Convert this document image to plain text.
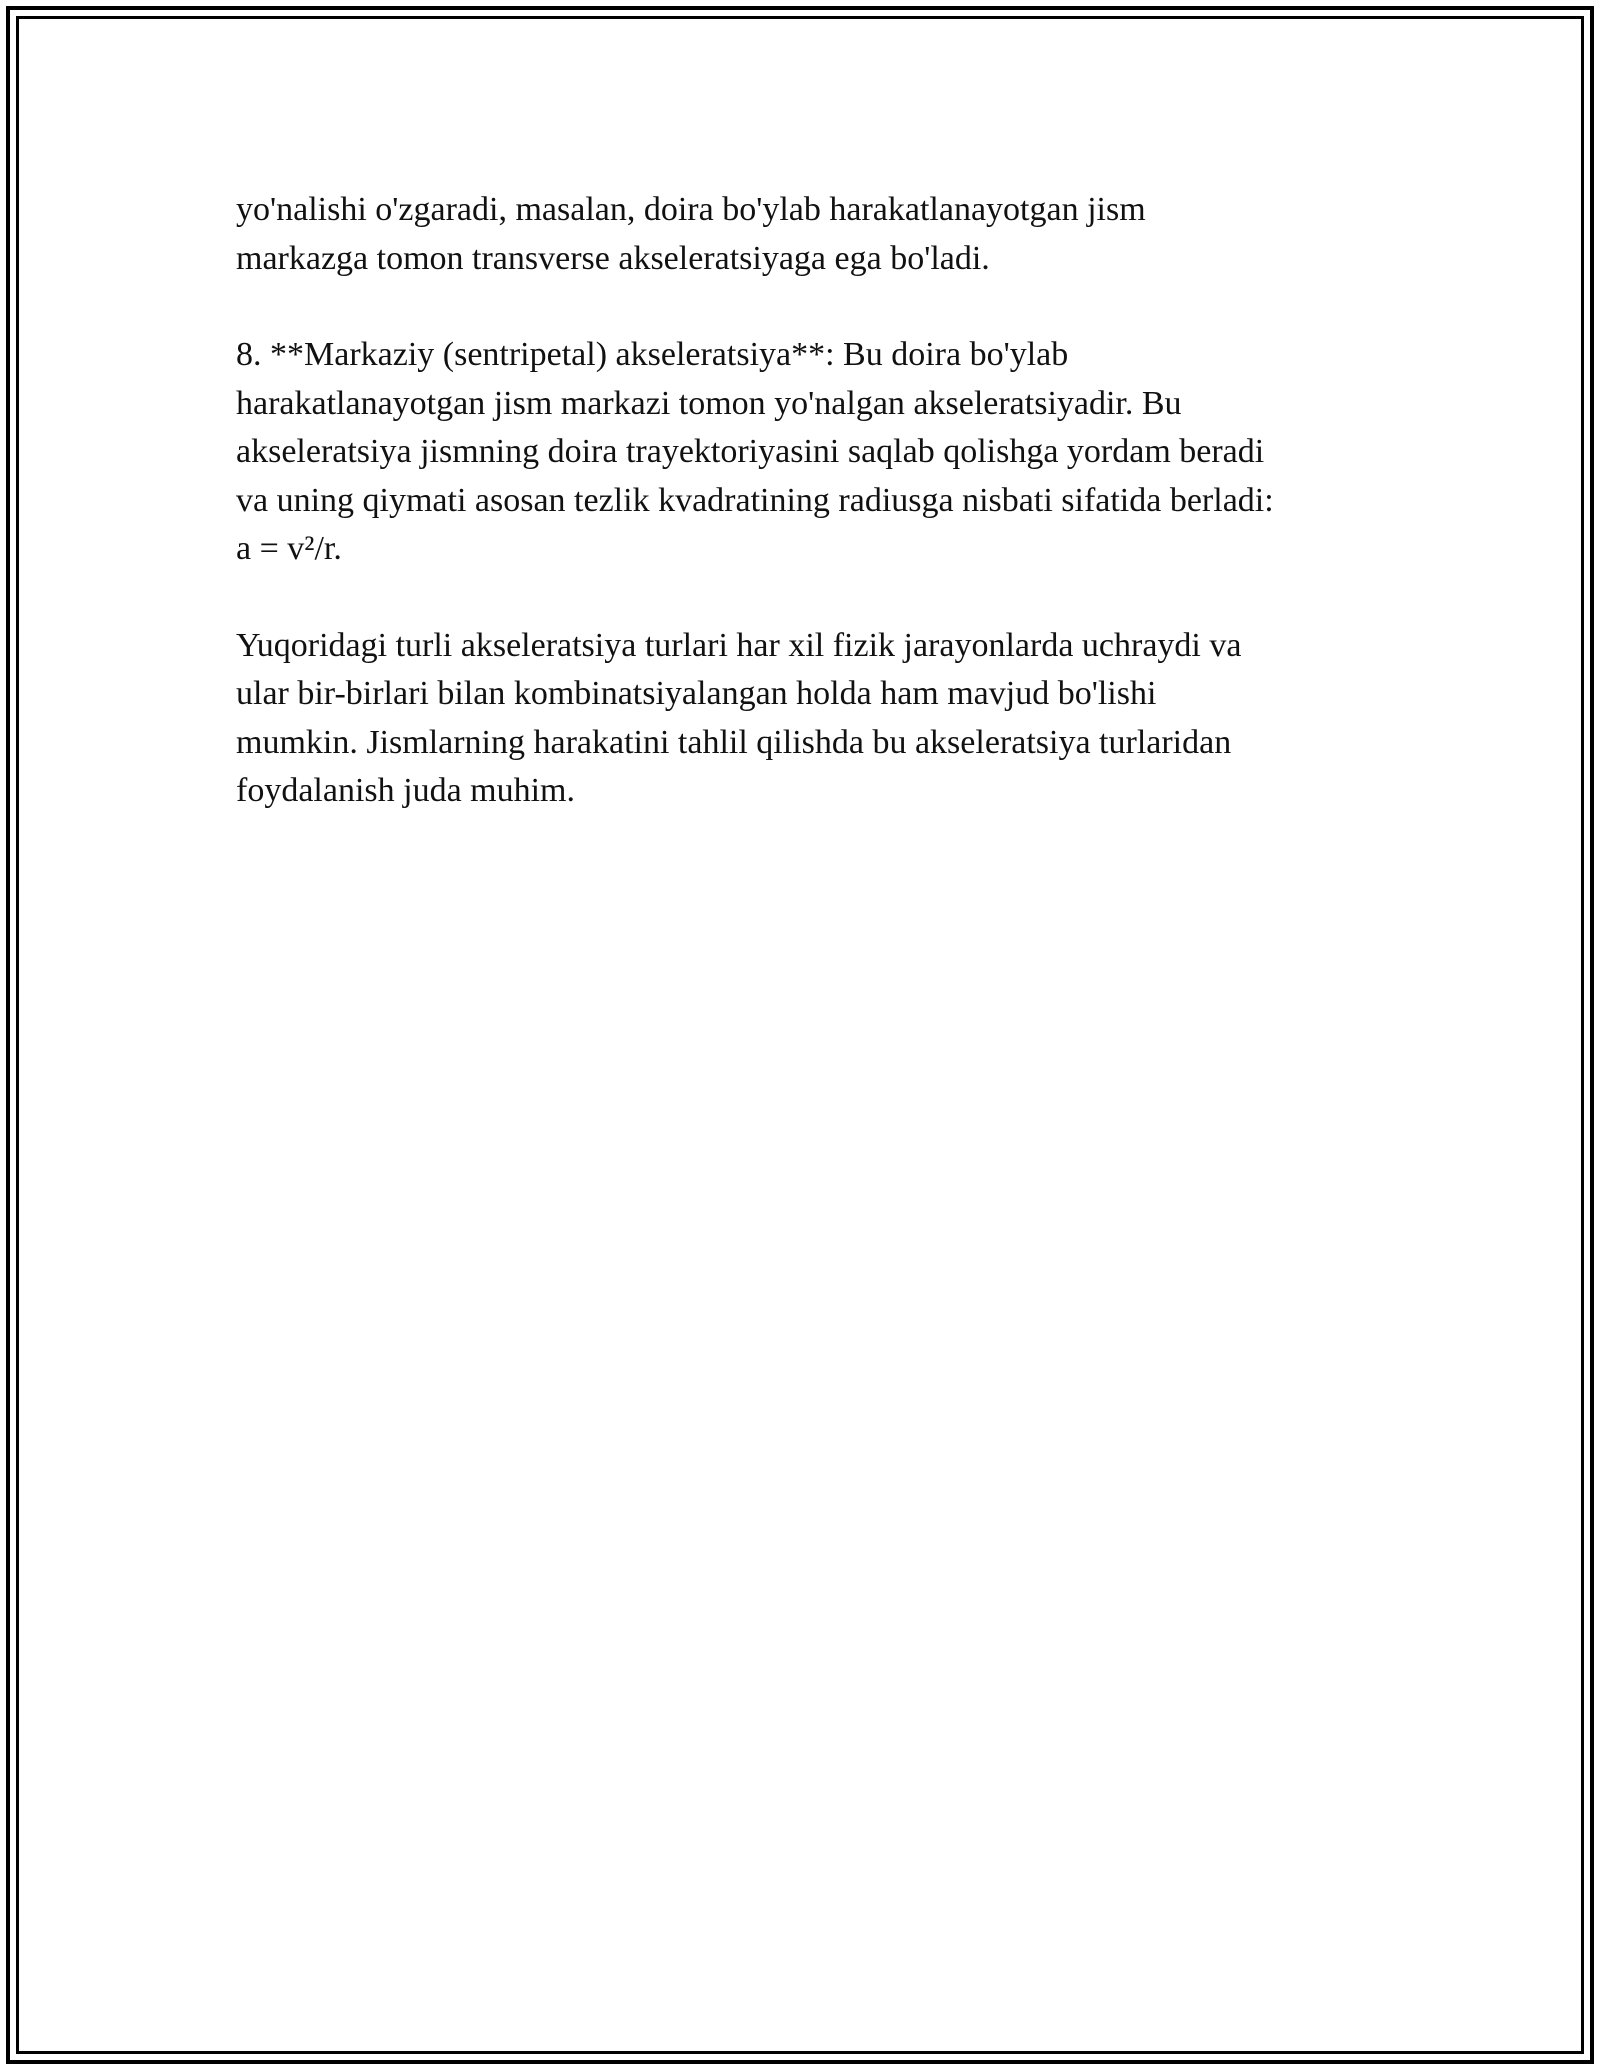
yo'nalishi o'zgaradi, masalan, doira bo'ylab harakatlanayotgan jism
markazga tomon transverse akseleratsiyaga ega bo'ladi.

8. **Markaziy (sentripetal) akseleratsiya**: Bu doira bo'ylab
harakatlanayotgan jism markazi tomon yo'nalgan akseleratsiyadir. Bu
akseleratsiya jismning doira trayektoriyasini saqlab qolishga yordam beradi
va uning qiymati asosan tezlik kvadratining radiusga nisbati sifatida berladi:
a = v²/r.

Yuqoridagi turli akseleratsiya turlari har xil fizik jarayonlarda uchraydi va
ular bir-birlari bilan kombinatsiyalangan holda ham mavjud bo'lishi
mumkin. Jismlarning harakatini tahlil qilishda bu akseleratsiya turlaridan
foydalanish juda muhim.
